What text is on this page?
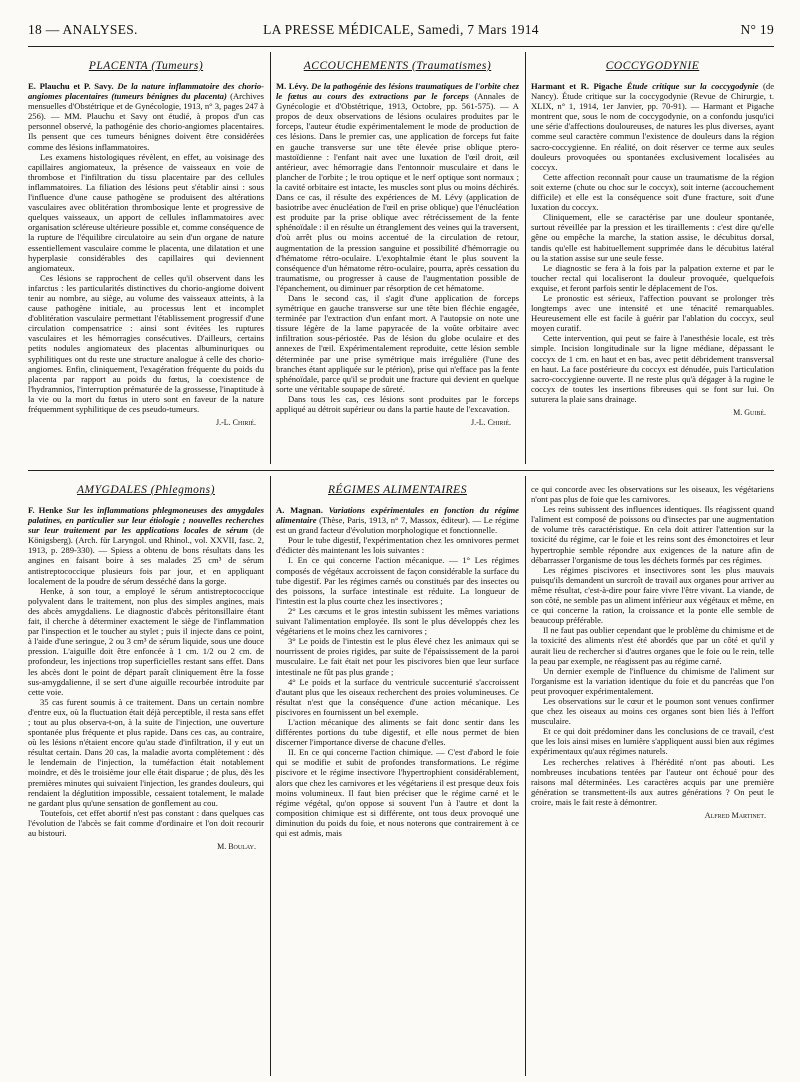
18 — ANALYSES.	LA PRESSE MÉDICALE, Samedi, 7 Mars 1914	N° 19
PLACENTA (Tumeurs)

E. Plauchu et P. Savy. De la nature inflammatoire des chorio-angiomes placentaires (tumeurs bénignes du placenta) (Archives mensuelles d'Obstétrique et de Gynécologie, 1913, n° 3, pages 247 à 256). — MM. Plauchu et Savy ont étudié, à propos d'un cas personnel observé, la pathogénie des chorio-angiomes placentaires. Ils pensent que ces tumeurs bénignes doivent être considérées comme des lésions inflammatoires.

Les examens histologiques révèlent, en effet, au voisinage des capillaires angiomateux, la présence de vaisseaux en voie de thrombose et l'infiltration du tissu placentaire par des cellules inflammatoires. La filiation des lésions peut s'établir ainsi : sous l'influence d'une cause pathogène se produisent des altérations vasculaires avec oblitération thrombosique lente et progressive de quelques vaisseaux, un apport de cellules inflammatoires avec organisation scléreuse ultérieure possible et, comme conséquence de la rupture de l'équilibre circulatoire au sein d'un organe de nature essentiellement vasculaire comme le placenta, une dilatation et une hyperplasie considérables des capillaires qui deviennent angiomateux.

Ces lésions se rapprochent de celles qu'il observent dans les infarctus : les particularités distinctives du chorio-angiome doivent tenir au nombre, au siège, au volume des vaisseaux atteints, à la cause pathogène initiale, au processus lent et incomplet d'oblitération vasculaire permettant l'établissement progressif d'une circulation compensatrice : ainsi sont évitées les ruptures vasculaires et les hémorragies consécutives. D'ailleurs, certains petits nodules angiomateux des placentas albuminuriques ou syphilitiques ont du reste une structure analogue à celle des chorio-angiomes. Enfin, cliniquement, l'exagération fréquente du poids du placenta par rapport au poids du fœtus, la coexistence de l'hydramnios, l'interruption prématurée de la grossesse, l'inaptitude à la vie ou la mort du fœtus in utero sont en faveur de la nature fréquemment syphilitique de ces pseudo-tumeurs.

J.-L. Chirié.

ACCOUCHEMENTS (Traumatismes)

M. Lévy. De la pathogénie des lésions traumatiques de l'orbite chez le fœtus au cours des extractions par le forceps (Annales de Gynécologie et d'Obstétrique, 1913, Octobre, pp. 561-575). — A propos de deux observations de lésions oculaires produites par le forceps, l'auteur étudie expérimentalement le mode de production de ces lésions. Dans le premier cas, une application de forceps fut faite en gauche transverse sur une tête élevée prise oblique ptero-mastoïdienne : l'enfant nait avec une luxation de l'œil droit, œil antérieur, avec hémorragie dans l'entonnoir musculaire et dans le plancher de l'orbite ; le trou optique et le nerf optique sont normaux ; la cavité orbitaire est intacte, les muscles sont plus ou moins déchirés. Dans ce cas, il résulte des expériences de M. Lévy (application de basiotribe avec énucléation de l'œil en prise oblique) que l'énucléation est produite par la prise oblique avec rétrécissement de la fente sphénoïdale : il en résulte un étranglement des veines qui la traversent, d'où arrêt plus ou moins accentué de la circulation de retour, augmentation de la pression sanguine et possibilité d'hémorragie ou d'hématome rétro-oculaire. L'exophtalmie étant le plus souvent la conséquence d'un hématome rétro-oculaire, pourra, après cessation du traumatisme, ou progresser à cause de l'augmentation possible de l'épanchement, ou diminuer par résorption de cet hématome.

Dans le second cas, il s'agit d'une application de forceps symétrique en gauche transverse sur une tête bien fléchie engagée, terminée par l'extraction d'un enfant mort. A l'autopsie on note une tissure légère de la lame papyracée de la voûte orbitaire avec infiltration sous-périostée. Pas de lésion du globe oculaire et des annexes de l'œil. Expérimentalement reproduite, cette lésion semble déterminée par une prise symétrique mais irrégulière (l'une des branches étant appliquée sur le ptérion), prise qui n'efface pas la fente sphénoïdale, parce qu'il se produit une fracture qui devient en quelque sorte une véritable soupape de sûreté.

Dans tous les cas, ces lésions sont produites par le forceps appliqué au détroit supérieur ou dans la partie haute de l'excavation.

J.-L. Chirié.

COCCYGODYNIE

Harmant et R. Pigache Étude critique sur la coccygodynie (de Nancy). Étude critique sur la coccygodynie (Revue de Chirurgie, t. XLIX, n° 1, 1914, 1er Janvier, pp. 70-91). — Harmant et Pigache montrent que, sous le nom de coccygodynie, on a confondu jusqu'ici une série d'affections douloureuses, de natures les plus diverses, ayant comme seul caractère commun l'existence de douleurs dans la région sacro-coccygienne. En réalité, on doit réserver ce terme aux seules douleurs provoquées ou spontanées exclusivement localisées au coccyx.

Cette affection reconnaît pour cause un traumatisme de la région soit externe (chute ou choc sur le coccyx), soit interne (accouchement difficile) et elle est la conséquence soit d'une fracture, soit d'une luxation du coccyx.

Cliniquement, elle se caractérise par une douleur spontanée, surtout réveillée par la pression et les tiraillements : c'est dire qu'elle gêne ou empêche la marche, la station assise, le décubitus dorsal, tandis qu'elle est habituellement supprimée dans le décubitus latéral ou la station assise sur une seule fesse.

Le diagnostic se fera à la fois par la palpation externe et par le toucher rectal qui localiseront la douleur provoquée, quelquefois exquise, et feront parfois sentir le déplacement de l'os.

Le pronostic est sérieux, l'affection pouvant se prolonger très longtemps avec une intensité et une ténacité remarquables. Heureusement elle est facile à guérir par l'ablation du coccyx, seul moyen curatif.

Cette intervention, qui peut se faire à l'anesthésie locale, est très simple. Incision longitudinale sur la ligne médiane, dépassant le coccyx de 1 cm. en haut et en bas, avec petit débridement transversal en haut. La face postérieure du coccyx est dénudée, puis l'articulation sacro-coccygienne ouverte. Il ne reste plus qu'à dégager à la rugine le coccyx de toutes les insertions fibreuses qui se font sur lui. On suturera la plaie sans drainage.

M. Guibé.

AMYGDALES (Phlegmons)

F. Henke Sur les inflammations phlegmoneuses des amygdales palatines, en particulier sur leur étiologie ; nouvelles recherches sur leur traitement par les applications locales de sérum (de Königsberg). (Arch. für Laryngol. und Rhinol., vol. XXVII, fasc. 2, 1913, p. 289-330). — Spiess a obtenu de bons résultats dans les angines en faisant boire à ses malades 25 cm³ de sérum antistreptococcique plusieurs fois par jour, et en appliquant localement de la poudre de sérum desséché dans la gorge.

Henke, à son tour, a employé le sérum antistreptococcique polyvalent dans le traitement, non plus des simples angines, mais des abcès amygdaliens. Le diagnostic d'abcès péritonsillaire étant fait, il cherche à déterminer exactement le siège de l'inflammation par l'inspection et le toucher au stylet ; puis il injecte dans ce point, à l'aide d'une seringue, 2 ou 3 cm³ de sérum liquide, sous une douce pression. L'aiguille doit être enfoncée à 1 cm. 1/2 ou 2 cm. de profondeur, les injections trop superficielles restant sans effet. Dans les abcès dont le point de départ paraît cliniquement être la fosse sus-amygdalienne, il se sert d'une aiguille recourbée introduite par cette voie.

35 cas furent soumis à ce traitement. Dans un certain nombre d'entre eux, où la fluctuation était déjà perceptible, il resta sans effet ; tout au plus observa-t-on, à la suite de l'injection, une ouverture spontanée plus fréquente et plus rapide. Dans ces cas, au contraire, où les lésions n'étaient encore qu'au stade d'infiltration, il y eut un résultat certain. Dans 20 cas, la maladie avorta complètement : dès le lendemain de l'injection, la tuméfaction était notablement moindre, et dès le troisième jour elle était disparue ; de plus, dès les premières minutes qui suivaient l'injection, les grandes douleurs, qui rendaient la déglutition impossible, cessaient totalement, le malade ne gardant plus qu'une sensation de gonflement au cou.

Toutefois, cet effet abortif n'est pas constant : dans quelques cas l'évolution de l'abcès se fait comme d'ordinaire et l'on doit recourir au bistouri.

M. Boulay.

RÉGIMES ALIMENTAIRES

A. Magnan. Variations expérimentales en fonction du régime alimentaire (Thèse, Paris, 1913, n° 7, Massox, éditeur). — Le régime est un grand facteur d'évolution morphologique et fonctionnelle.

Pour le tube digestif, l'expérimentation chez les omnivores permet d'édicter dès maintenant les lois suivantes :

I. En ce qui concerne l'action mécanique. — 1° Les régimes composés de végétaux accroissent de façon considérable la surface du tube digestif. Par les régimes carnés ou constitués par des insectes ou des poissons, la surface intestinale est réduite. La longueur de l'intestin est la plus courte chez les insectivores ;

2° Les cæcums et le gros intestin subissent les mêmes variations suivant l'alimentation employée. Ils sont le plus développés chez les végétariens et le moins chez les carnivores ;

3° Le poids de l'intestin est le plus élevé chez les animaux qui se nourrissent de proies rigides, par suite de l'épaississement de la paroi musculaire. Le fait était net pour les piscivores bien que leur surface intestinale ne fût pas plus grande ;

4° Le poids et la surface du ventricule succenturié s'accroissent d'autant plus que les oiseaux recherchent des proies volumineuses. Ce résultat n'est que la conséquence d'une action mécanique. Les piscivores en fournissent un bel exemple.

L'action mécanique des aliments se fait donc sentir dans les différentes portions du tube digestif, et elle nous permet de bien discerner l'importance diverse de chacune d'elles.

II. En ce qui concerne l'action chimique. — C'est d'abord le foie qui se modifie et subit de profondes transformations. Le régime piscivore et le régime insectivore l'hypertrophient considérablement, alors que chez les carnivores et les végétariens il est presque deux fois moins volumineux. Il faut bien préciser que le régime carné et le régime végétal, qu'on oppose si souvent l'un à l'autre et dont la composition chimique est si différente, ont tous deux provoqué une diminution du poids du foie, et nous noterons que contrairement à ce qui est admis, mais

ce qui concorde avec les observations sur les oiseaux, les végétariens n'ont pas plus de foie que les carnivores.

Les reins subissent des influences identiques. Ils réagissent quand l'aliment est composé de poissons ou d'insectes par une augmentation de volume très caractéristique. En cela doit attirer l'attention sur la toxicité du régime, car le foie et les reins sont des émonctoires et leur hypertrophie semble répondre aux exigences de la nature afin de débarrasser l'organisme de tous les déchets formés par ces régimes.

Les régimes piscivores et insectivores sont les plus mauvais puisqu'ils demandent un surcroît de travail aux organes pour arriver au même résultat, c'est-à-dire pour faire vivre l'être vivant. La viande, de son côté, ne semble pas un aliment inférieur aux végétaux et même, en ce qui concerne la ration, la croissance et la ponte elle semble de beaucoup préférable.

Il ne faut pas oublier cependant que le problème du chimisme et de la toxicité des aliments n'est été abordés que par un côté et qu'il y aurait lieu de rechercher si d'autres organes que le foie ou le rein, telle la peau par exemple, ne réagissent pas au régime carné.

Un dernier exemple de l'influence du chimisme de l'aliment sur l'organisme est la variation identique du foie et du pancréas que l'on peut provoquer expérimentalement.

Les observations sur le cœur et le poumon sont venues confirmer que chez les oiseaux au moins ces organes sont bien liés à l'effort musculaire.

Et ce qui doit prédominer dans les conclusions de ce travail, c'est que les lois ainsi mises en lumière s'appliquent aussi bien aux régimes expérimentaux qu'aux régimes naturels.

Les recherches relatives à l'hérédité n'ont pas abouti. Les nombreuses incubations tentées par l'auteur ont échoué pour des raisons mal déterminées. Les caractères acquis par une première génération se transmettent-ils aux autres générations ? On peut le croire, mais le fait reste à démontrer.

Alfred Martinet.
